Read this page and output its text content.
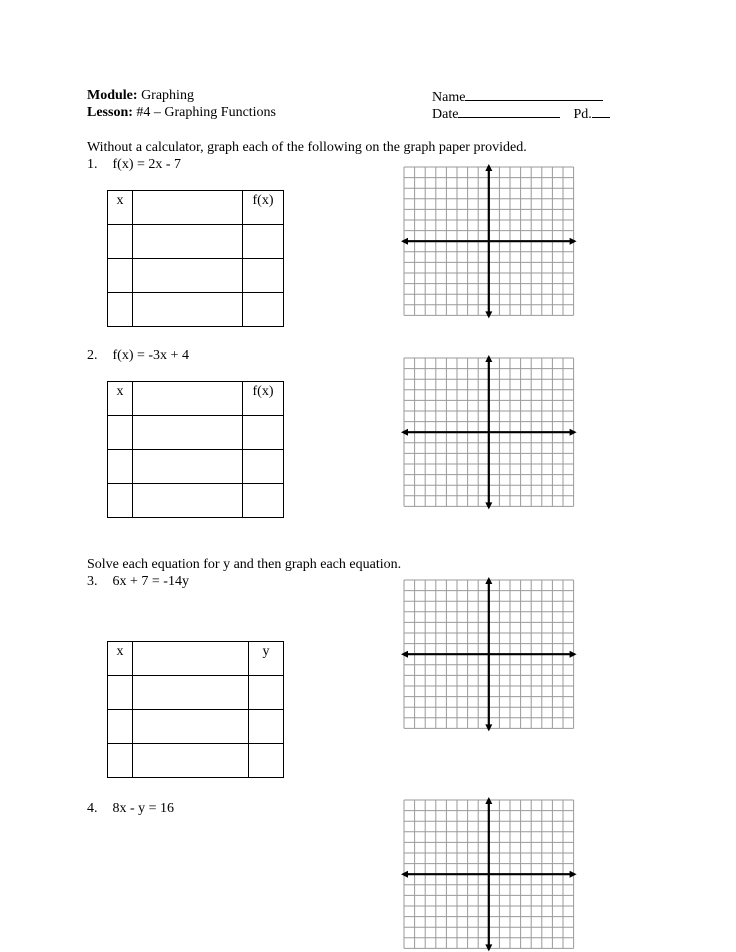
Module: Graphing
Lesson: #4 – Graphing Functions
Name
Date	Pd.
Without a calculator, graph each of the following on the graph paper provided.
1. f(x) = 2x - 7
x		f(x)

2. f(x) = -3x + 4
x		f(x)

Solve each equation for y and then graph each equation.
3. 6x + 7 = -14y
x		y

4. 8x - y = 16
